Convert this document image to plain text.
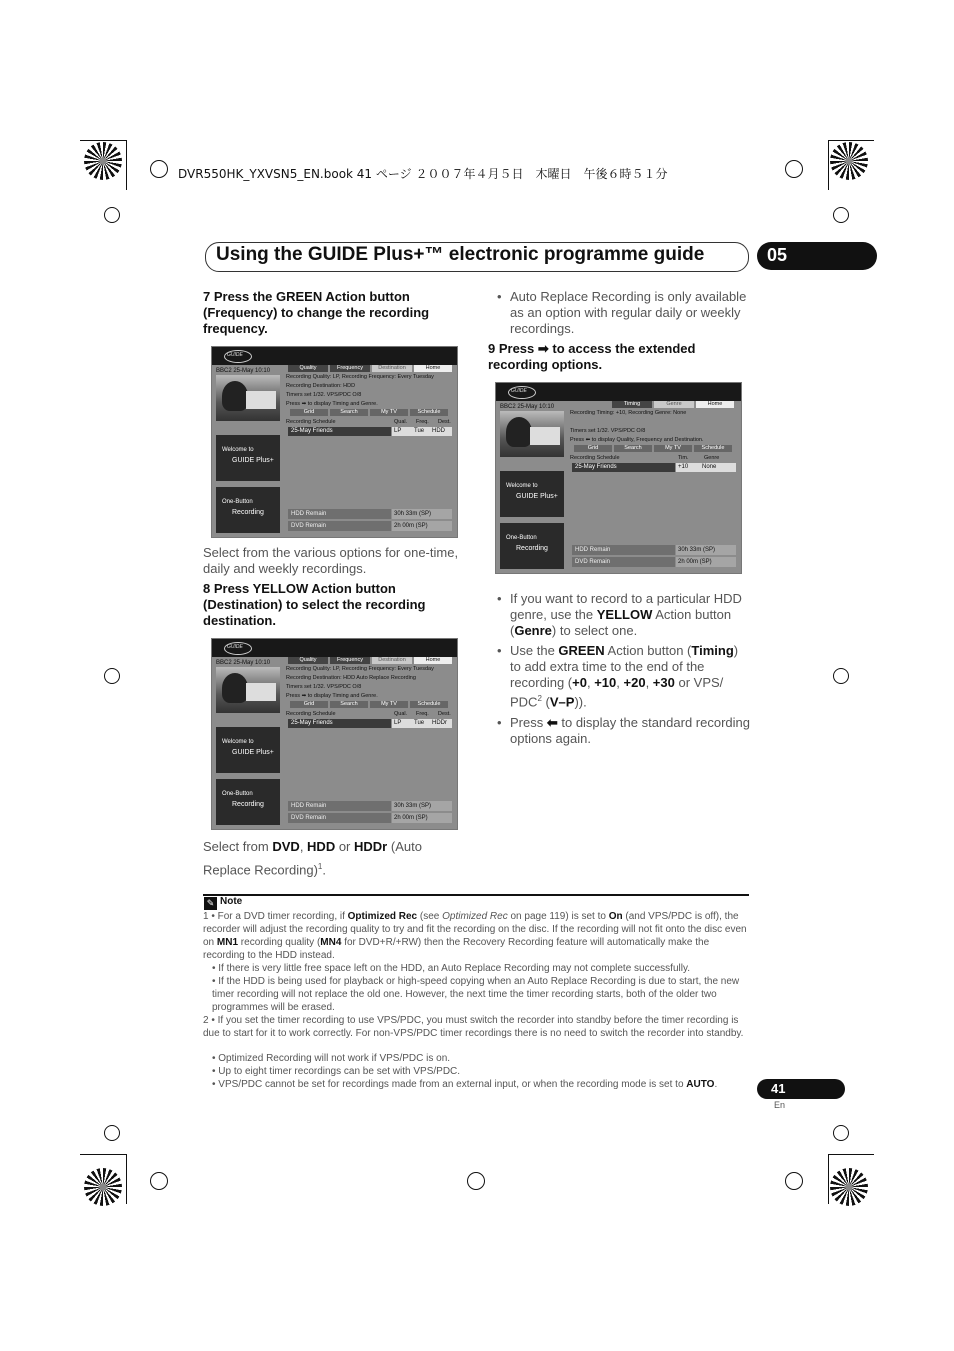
DVR550HK_YXVSN5_EN.book 41 ページ ２００７年４月５日　木曜日　午後６時５１分
Using the GUIDE Plus+™ electronic programme guide	05
7 Press the GREEN Action button (Frequency) to change the recording frequency.
GUIDE
BBC2 25-May 10:10
Welcome to
GUIDE Plus+
One-Button
Recording
Quality	Frequency	Destination	Home
Recording Quality: LP, Recording Frequency: Every Tuesday
Recording Destination: HDD
Timers set 1/32. VPS/PDC O/8
Press ➡ to display Timing and Genre.
Grid	Search	My TV	Schedule
Recording Schedule	Qual. Freq. Dest.
25-May Friends	LP Tue HDD
HDD Remain	30h 33m (SP)
DVD Remain	2h 00m (SP)
Select from the various options for one-time, daily and weekly recordings.
8 Press YELLOW Action button (Destination) to select the recording destination.
GUIDE
BBC2 25-May 10:10
Welcome to
GUIDE Plus+
One-Button
Recording
Quality	Frequency	Destination	Home
Recording Quality: LP, Recording Frequency: Every Tuesday
Recording Destination: HDD Auto Replace Recording
Timers set 1/32. VPS/PDC O/8
Press ➡ to display Timing and Genre.
Grid	Search	My TV	Schedule
Recording Schedule	Qual. Freq. Dest.
25-May Friends	LP Tue HDDr
HDD Remain	30h 33m (SP)
DVD Remain	2h 00m (SP)
Select from DVD, HDD or HDDr (Auto Replace Recording)$^1$.
• Auto Replace Recording is only available as an option with regular daily or weekly recordings.
9 Press ➡ to access the extended recording options.
GUIDE
BBC2 25-May 10:10
Welcome to
GUIDE Plus+
One-Button
Recording
Timing	Genre	Home
Recording Timing: +10, Recording Genre: None
Timers set 1/32. VPS/PDC O/8
Press ⬅ to display Quality, Frequency and Destination.
Grid	Search	My TV	Schedule
Recording Schedule	Tim.	Genre
25-May Friends	+10 None
HDD Remain	30h 33m (SP)
DVD Remain	2h 00m (SP)
• If you want to record to a particular HDD genre, use the YELLOW Action button (Genre) to select one.
• Use the GREEN Action button (Timing) to add extra time to the end of the recording (+0, +10, +20, +30 or VPS/ PDC$^2$ (V–P)).
• Press ⬅ to display the standard recording options again.
✎ Note
1 • For a DVD timer recording, if Optimized Rec (see Optimized Rec on page 119) is set to On (and VPS/PDC is off), the recorder will adjust the recording quality to try and fit the recording on the disc. If the recording will not fit onto the disc even on MN1 recording quality (MN4 for DVD+R/+RW) then the Recovery Recording feature will automatically make the recording to the HDD instead.
• If there is very little free space left on the HDD, an Auto Replace Recording may not complete successfully.
• If the HDD is being used for playback or high-speed copying when an Auto Replace Recording is due to start, the new timer recording will not replace the old one. However, the next time the timer recording starts, both of the older two programmes will be erased.
2 • If you set the timer recording to use VPS/PDC, you must switch the recorder into standby before the timer recording is due to start for it to work correctly. For non-VPS/PDC timer recordings there is no need to switch the recorder into standby.
• Optimized Recording will not work if VPS/PDC is on.
• Up to eight timer recordings can be set with VPS/PDC.
• VPS/PDC cannot be set for recordings made from an external input, or when the recording mode is set to AUTO.	41
En
